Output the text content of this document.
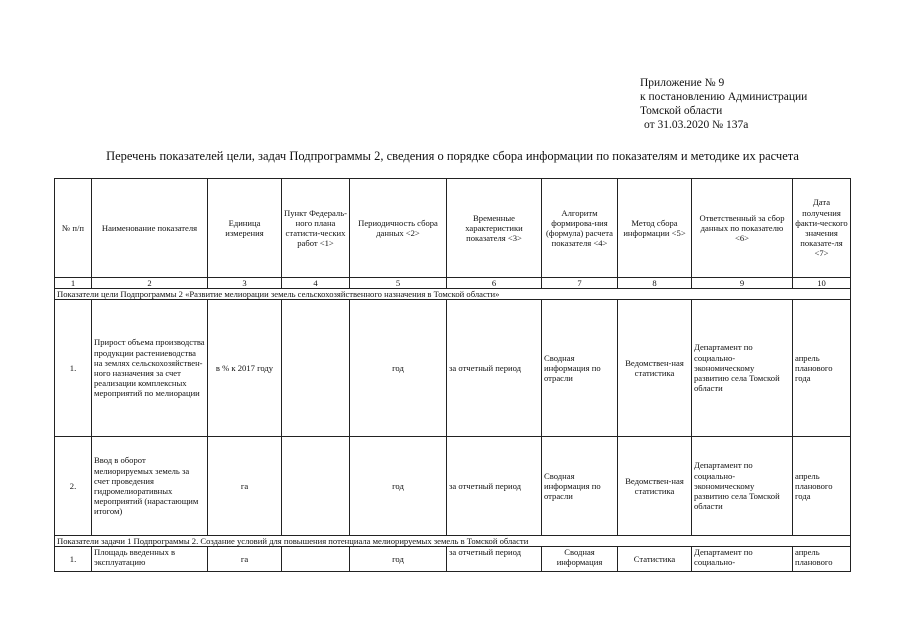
Приложение № 9
к постановлению Администрации
Томской области
от 31.03.2020 № 137а
Перечень показателей цели, задач Подпрограммы 2, сведения о порядке сбора информации по показателям и методике их расчета
№ п/п	Наименование показателя	Единица измерения	Пункт Федераль-ного плана статисти-ческих работ <1>	Периодичность сбора данных <2>	Временные характеристики показателя <3>	Алгоритм формирова-ния (формула) расчета показателя <4>	Метод сбора информации <5>	Ответственный за сбор данных по показателю <6>	Дата получения факти-ческого значения показате-ля <7>
1	2	3	4	5	6	7	8	9	10
Показатели цели Подпрограммы 2 «Развитие мелиорации земель сельскохозяйственного назначения в Томской области»									
1.	Прирост объема производства продукции растениеводства на землях сельскохозяйствен-ного назначения за счет реализации комплексных мероприятий по мелиорации	в % к 2017 году		год	за отчетный период	Сводная информация по отрасли	Ведомствен-ная статистика	Департамент по социально-экономическому развитию села Томской области	апрель планового года
2.	Ввод в оборот мелиорируемых земель за счет проведения гидромелиоративных мероприятий (нарастающим итогом)	га		год	за отчетный период	Сводная информация по отрасли	Ведомствен-ная статистика	Департамент по социально-экономическому развитию села Томской области	апрель планового года
Показатели задачи 1 Подпрограммы 2. Создание условий для повышения потенциала мелиорируемых земель в Томской области									
1.	Площадь введенных в эксплуатацию	га		год	за отчетный период	Сводная информация	Статистика	Департамент по социально-	апрель планового
